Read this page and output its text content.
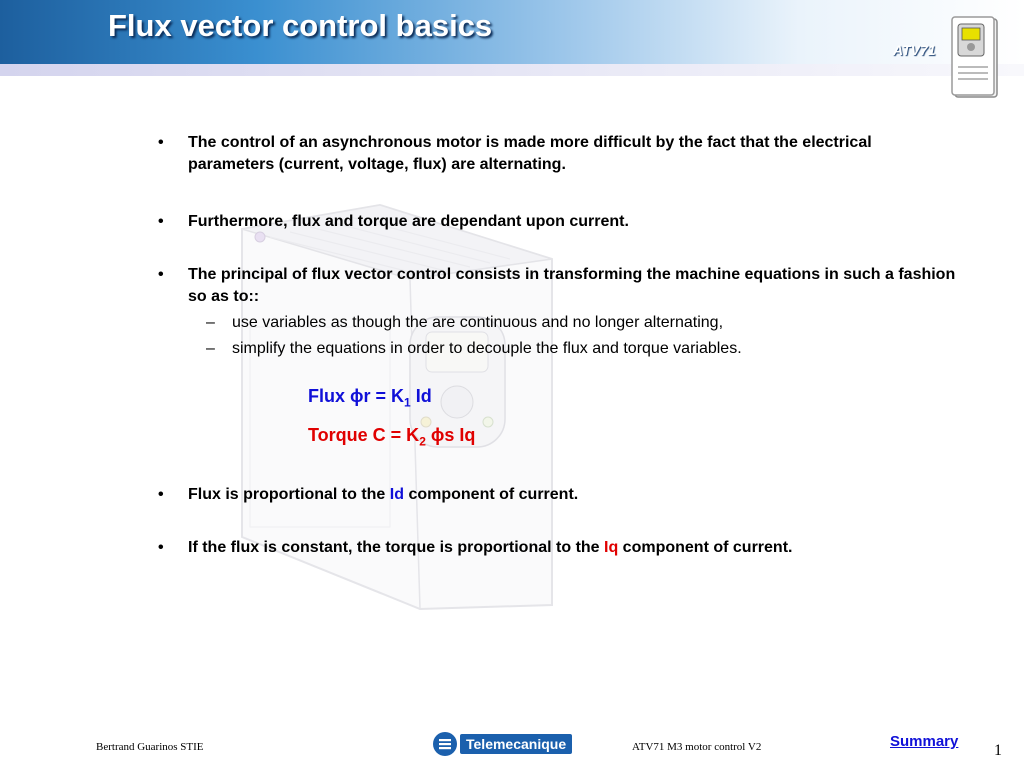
Flux vector control basics
ATV71
• The control of an asynchronous motor is made more difficult by the fact that the electrical parameters (current, voltage, flux) are alternating.
• Furthermore, flux and torque are dependant upon current.
• The principal of flux vector control consists in transforming the machine equations in such a fashion so as to::
– use variables as though the are continuous and no longer alternating,
– simplify the equations in order to decouple the flux and torque variables.
Flux $\phi r = K_1$ Id
Torque $C = K_2$ ϕs Iq
• Flux is proportional to the Id component of current.
• If the flux is constant, the torque is proportional to the Iq component of current.
Bertrand Guarinos STIE	Telemecanique	ATV71 M3 motor control V2	Summary
1
